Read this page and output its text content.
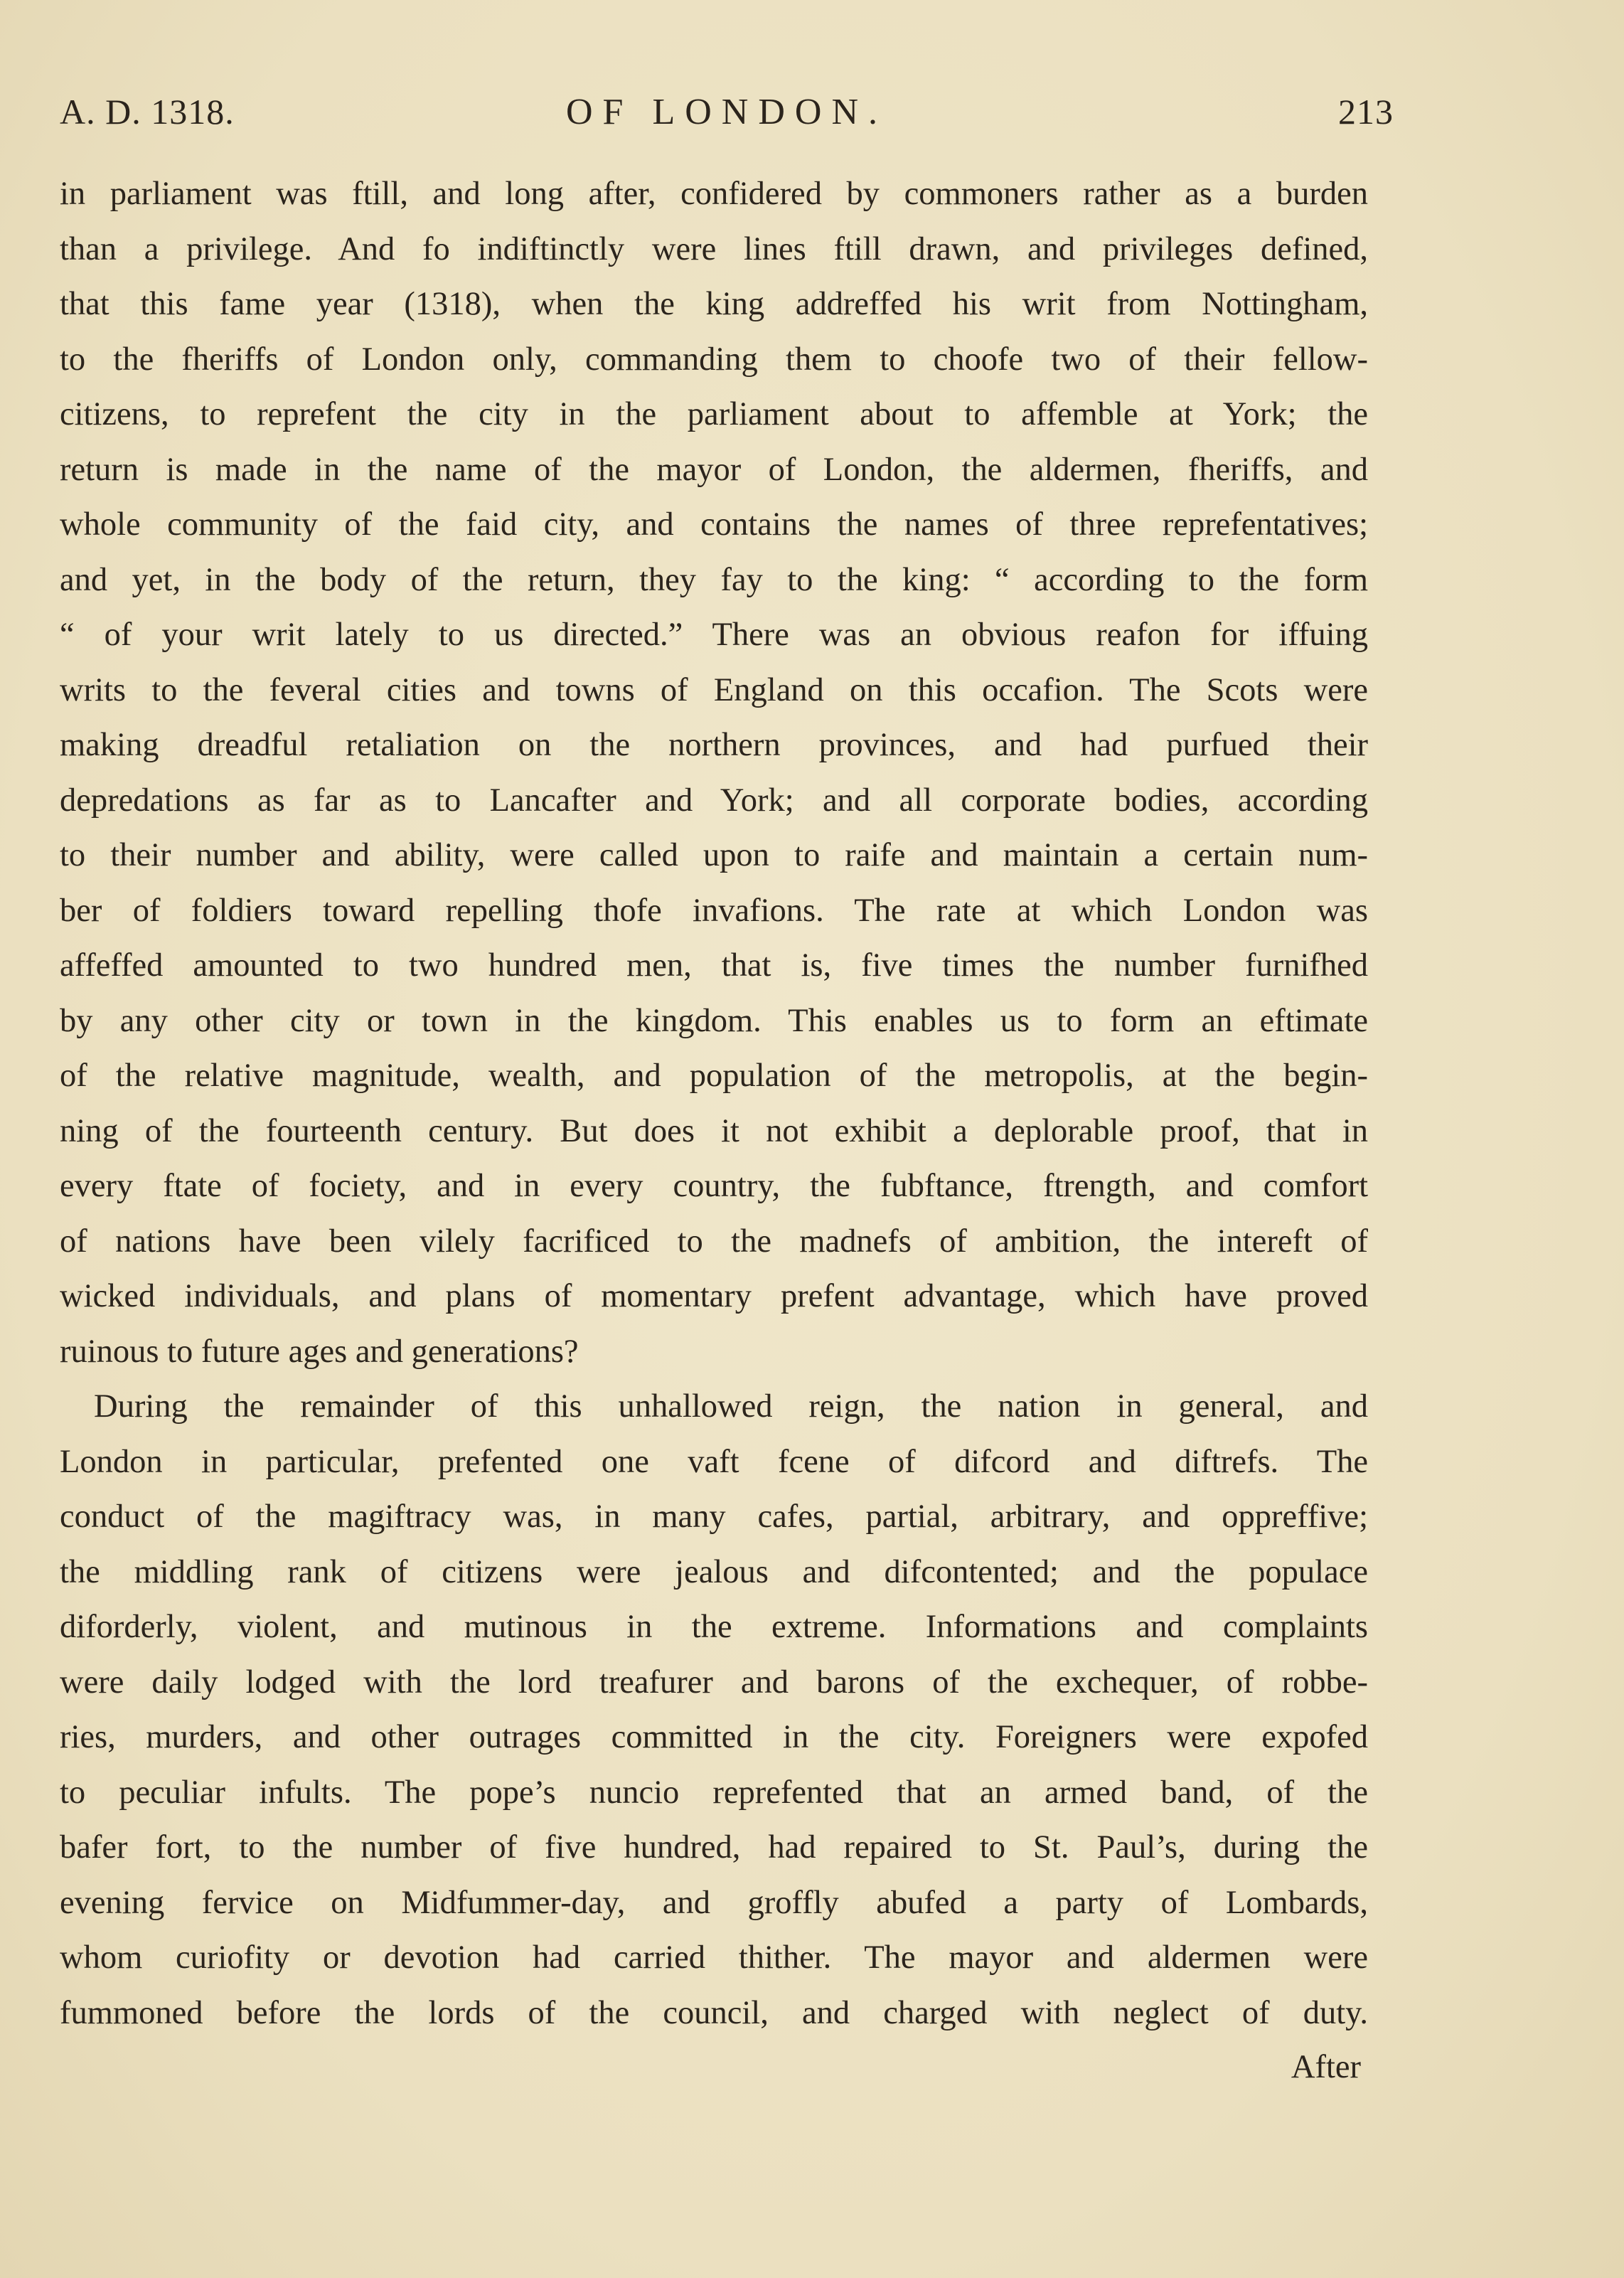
A. D. 1318.	OF LONDON.	213
in parliament was ftill, and long after, confidered by commoners rather as a burden
than a privilege. And fo indiftinctly were lines ftill drawn, and privileges defined,
that this fame year (1318), when the king addreffed his writ from Nottingham,
to the fheriffs of London only, commanding them to choofe two of their fellow-
citizens, to reprefent the city in the parliament about to affemble at York; the
return is made in the name of the mayor of London, the aldermen, fheriffs, and
whole community of the faid city, and contains the names of three reprefentatives;
and yet, in the body of the return, they fay to the king: “ according to the form
“ of your writ lately to us directed.” There was an obvious reafon for iffuing
writs to the feveral cities and towns of England on this occafion. The Scots were
making dreadful retaliation on the northern provinces, and had purfued their
depredations as far as to Lancafter and York; and all corporate bodies, according
to their number and ability, were called upon to raife and maintain a certain num-
ber of foldiers toward repelling thofe invafions. The rate at which London was
affeffed amounted to two hundred men, that is, five times the number furnifhed
by any other city or town in the kingdom. This enables us to form an eftimate
of the relative magnitude, wealth, and population of the metropolis, at the begin-
ning of the fourteenth century. But does it not exhibit a deplorable proof, that in
every ftate of fociety, and in every country, the fubftance, ftrength, and comfort
of nations have been vilely facrificed to the madnefs of ambition, the intereft of
wicked individuals, and plans of momentary prefent advantage, which have proved
ruinous to future ages and generations?
During the remainder of this unhallowed reign, the nation in general, and
London in particular, prefented one vaft fcene of difcord and diftrefs. The
conduct of the magiftracy was, in many cafes, partial, arbitrary, and oppreffive;
the middling rank of citizens were jealous and difcontented; and the populace
diforderly, violent, and mutinous in the extreme. Informations and complaints
were daily lodged with the lord treafurer and barons of the exchequer, of robbe-
ries, murders, and other outrages committed in the city. Foreigners were expofed
to peculiar infults. The pope’s nuncio reprefented that an armed band, of the
bafer fort, to the number of five hundred, had repaired to St. Paul’s, during the
evening fervice on Midfummer-day, and groffly abufed a party of Lombards,
whom curiofity or devotion had carried thither. The mayor and aldermen were
fummoned before the lords of the council, and charged with neglect of duty.
After
